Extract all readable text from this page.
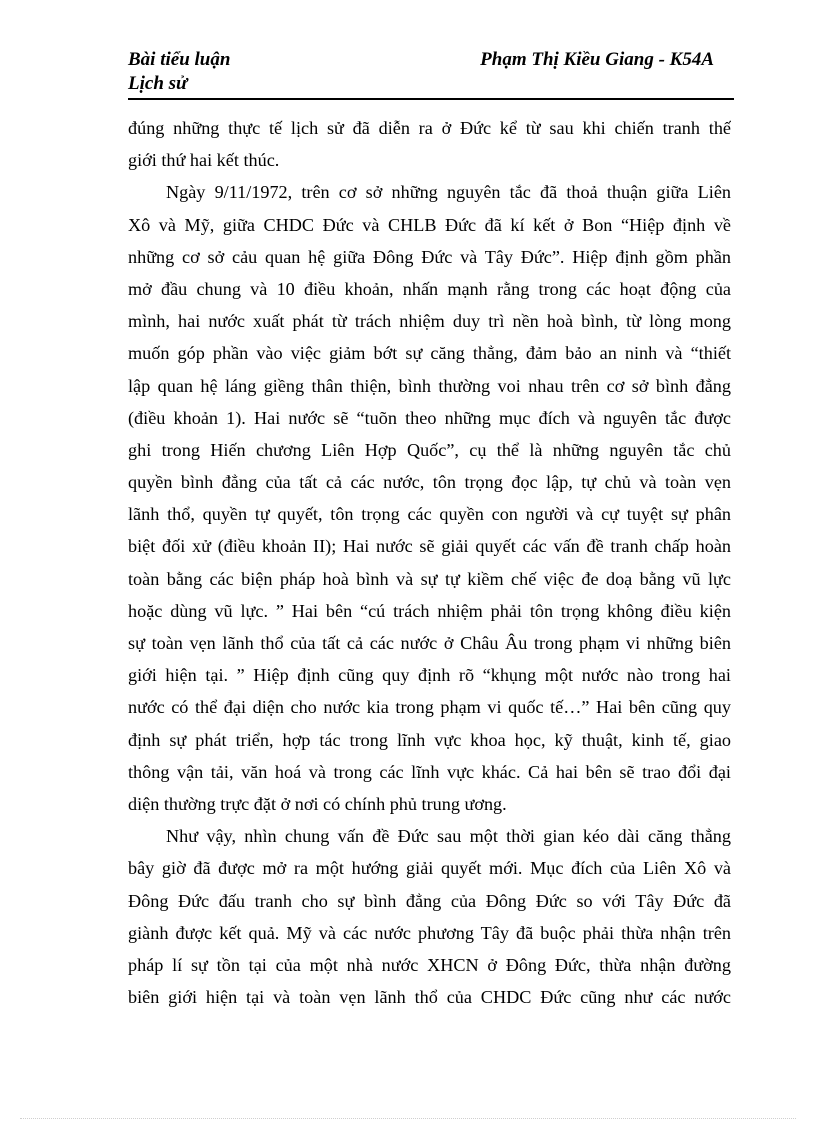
Bài tiểu luận
Lịch sử
Phạm Thị Kiều Giang - K54A
đúng những thực tế lịch sử đã diễn ra ở Đức kể từ sau khi chiến tranh thế
giới thứ hai kết thúc.
Ngày 9/11/1972, trên cơ sở những nguyên tắc đã thoả thuận giữa Liên
Xô và Mỹ, giữa CHDC Đức và CHLB Đức đã kí kết ở Bon “Hiệp định về
những cơ sở cảu quan hệ giữa Đông Đức và Tây Đức”. Hiệp định gồm phần
mở đầu chung và 10 điều khoản, nhấn mạnh rằng trong các hoạt động của
mình, hai nước xuất phát từ trách nhiệm duy trì nền hoà bình, từ lòng mong
muốn góp phần vào việc giảm bớt sự căng thẳng, đảm bảo an ninh và “thiết
lập quan hệ láng giềng thân thiện, bình thường voi nhau trên cơ sở bình đẳng
(điều khoản 1). Hai nước sẽ “tuõn theo những mục đích và nguyên tắc được
ghi trong Hiến chương Liên Hợp Quốc”, cụ thể là những nguyên tắc chủ
quyền bình đẳng của tất cả các nước, tôn trọng đọc lập, tự chủ và toàn vẹn
lãnh thổ, quyền tự quyết, tôn trọng các quyền con người và cự tuyệt sự phân
biệt đối xử (điều khoản II); Hai nước sẽ giải quyết các vấn đề tranh chấp hoàn
toàn bằng các biện pháp hoà bình và sự tự kiềm chế việc đe doạ bằng vũ lực
hoặc dùng vũ lực. ” Hai bên “cú trách nhiệm phải tôn trọng không điều kiện
sự toàn vẹn lãnh thổ của tất cả các nước ở Châu Âu trong phạm vi những biên
giới hiện tại. ” Hiệp định cũng quy định rõ “khụng một nước nào trong hai
nước có thể đại diện cho nước kia trong phạm vi quốc tế…” Hai bên cũng quy
định sự phát triển, hợp tác trong lĩnh vực khoa học, kỹ thuật, kinh tế, giao
thông vận tải, văn hoá và trong các lĩnh vực khác. Cả hai bên sẽ trao đổi đại
diện thường trực đặt ở nơi có chính phủ trung ương.
Như vậy, nhìn chung vấn đề Đức sau một thời gian kéo dài căng thẳng
bây giờ đã được mở ra một hướng giải quyết mới. Mục đích của Liên Xô và
Đông Đức đấu tranh cho sự bình đẳng của Đông Đức so với Tây Đức đã
giành được kết quả. Mỹ và các nước phương Tây đã buộc phải thừa nhận trên
pháp lí sự tồn tại của một nhà nước XHCN ở Đông Đức, thừa nhận đường
biên giới hiện tại và toàn vẹn lãnh thổ của CHDC Đức cũng như các nước
